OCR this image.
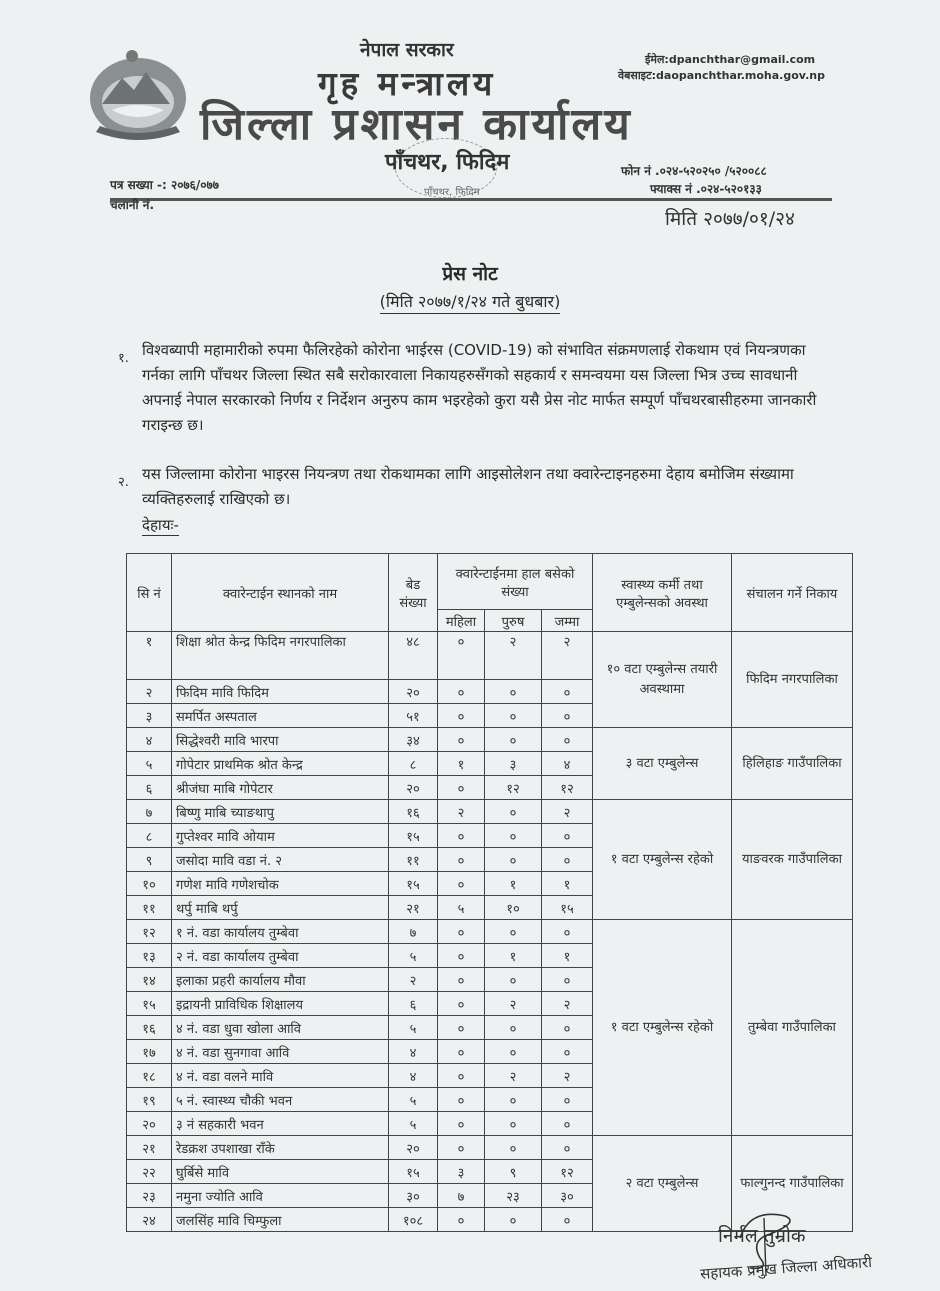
नेपाल सरकार
गृह मन्त्रालय
जिल्ला प्रशासन कार्यालय
पाँचथर, फिदिम
पाँचथर, फिदिम
ईमेल:dpanchthar@gmail.com
वेबसाइट:daopanchthar.moha.gov.np
फोन नं .०२४-५२०२५० /५२००८८
फ्याक्स नं .०२४-५२०१३३
पत्र सख्या -: २०७६/०७७
चलानी नं.
मिति २०७७/०१/२४
प्रेस नोट
(मिति २०७७/१/२४ गते बुधबार)
१. विश्वब्यापी महामारीको रुपमा फैलिरहेको कोरोना भाईरस (COVID-19) को संभावित संक्रमणलाई रोकथाम एवं नियन्त्रणका गर्नका लागि पाँचथर जिल्ला स्थित सबै सरोकारवाला निकायहरुसँगको सहकार्य र समन्वयमा यस जिल्ला भित्र उच्च सावधानी अपनाई नेपाल सरकारको निर्णय र निर्देशन अनुरुप काम भइरहेको कुरा यसै प्रेस नोट मार्फत सम्पूर्ण पाँचथरबासीहरुमा जानकारी गराइन्छ छ।
२. यस जिल्लामा कोरोना भाइरस नियन्त्रण तथा रोकथामका लागि आइसोलेशन तथा क्वारेन्टाइनहरुमा देहाय बमोजिम संख्यामा व्यक्तिहरुलाई राखिएको छ।
देहायः-
सि नं	क्वारेन्टाईन स्थानको नाम	बेड संख्या	क्वारेन्टाईनमा हाल बसेको संख्या			स्वास्थ्य कर्मी तथा एम्बुलेन्सको अवस्था	संचालन गर्ने निकाय
			महिला	पुरुष	जम्मा		
१	शिक्षा श्रोत केन्द्र फिदिम नगरपालिका	४८	०	२	२	१० वटा एम्बुलेन्स तयारी अवस्थामा	फिदिम नगरपालिका
२	फिदिम मावि फिदिम	२०	०	०	०		
३	समर्पित अस्पताल	५१	०	०	०		
४	सिद्धेश्वरी मावि भारपा	३४	०	०	०	३ वटा एम्बुलेन्स	हिलिहाङ गाउँपालिका
५	गोपेटार प्राथमिक श्रोत केन्द्र	८	१	३	४		
६	श्रीजंघा माबि गोपेटार	२०	०	१२	१२		
७	बिष्णु माबि च्याङथापु	१६	२	०	२	१ वटा एम्बुलेन्स रहेको	याङवरक गाउँपालिका
८	गुप्तेश्वर मावि ओयाम	१५	०	०	०		
९	जसोदा मावि वडा नं. २	११	०	०	०		
१०	गणेश मावि गणेशचोक	१५	०	१	१		
११	थर्पु माबि थर्पु	२१	५	१०	१५		
१२	१ नं. वडा कार्यालय तुम्बेवा	७	०	०	०	१ वटा एम्बुलेन्स रहेको	तुम्बेवा गाउँपालिका
१३	२ नं. वडा कार्यालय तुम्बेवा	५	०	१	१		
१४	इलाका प्रहरी कार्यालय मौवा	२	०	०	०		
१५	इद्रायनी प्राविधिक शिक्षालय	६	०	२	२		
१६	४ नं. वडा धुवा खोला आवि	५	०	०	०		
१७	४ नं. वडा सुनगावा आवि	४	०	०	०		
१८	४ नं. वडा वलने मावि	४	०	२	२		
१९	५ नं. स्वास्थ्य चौकी भवन	५	०	०	०		
२०	३ नं सहकारी भवन	५	०	०	०		
२१	रेडक्रश उपशाखा राँके	२०	०	०	०	२ वटा एम्बुलेन्स	फाल्गुनन्द गाउँपालिका
२२	घुर्बिसे मावि	१५	३	९	१२		
२३	नमुना ज्योति आवि	३०	७	२३	३०		
२४	जलसिंह मावि चिम्फुला	१०८	०	०	०		
निर्मल तुम्रोक
सहायक प्रमुख जिल्ला अधिकारी
